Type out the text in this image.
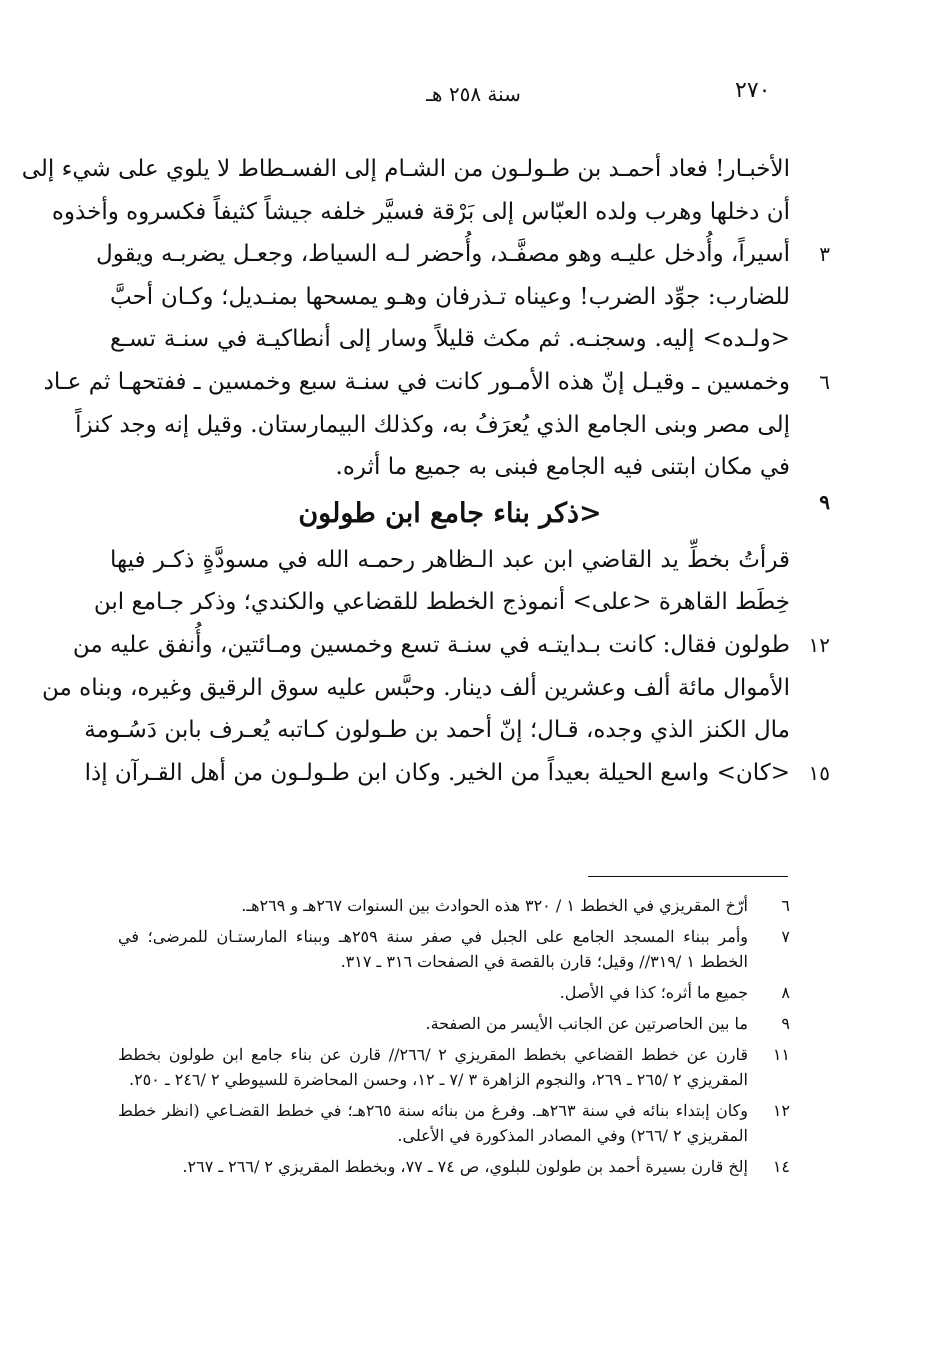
٢٧٠
سنة ٢٥٨ هـ
الأخبـار! فعاد أحمـد بن طـولـون من الشـام إلى الفسـطاط لا يلوي على شيء إلى
أن دخلها وهرب ولده العبّاس إلى بَرْقة فسيَّر خلفه جيشاً كثيفاً فكسروه وأخذوه
٣
أسيراً، وأُدخل عليـه وهو مصفَّـد، وأُحضر لـه السياط، وجعـل يضربـه ويقول
للضارب: جوِّد الضرب! وعيناه تـذرفان وهـو يمسحها بمنـديل؛ وكـان أحبَّ
<ولـده> إليه. وسجنـه. ثم مكث قليلاً وسار إلى أنطاكيـة في سنـة تسـع
٦
وخمسين ـ وقيـل إنّ هذه الأمـور كانت في سنـة سبع وخمسين ـ ففتحهـا ثم عـاد
إلى مصر وبنى الجامع الذي يُعرَفُ به، وكذلك البيمارستان. وقيل إنه وجد كنزاً
في مكان ابتنى فيه الجامع فبنى به جميع ما أثره.
٩
<ذكر بناء جامع ابن طولون
قرأتُ بخطِّ يد القاضي ابن عبد الـظاهر رحمـه الله في مسودَّةٍ ذكـر فيها
خِطَط القاهرة <على> أنموذج الخطط للقضاعي والكندي؛ وذكر جـامع ابن
١٢
طولون فقال: كانت بـدايتـه في سنـة تسع وخمسين ومـائتين، وأُنفق عليه من
الأموال مائة ألف وعشرين ألف دينار. وحبَّس عليه سوق الرقيق وغيره، وبناه من
مال الكنز الذي وجده، قـال؛ إنّ أحمد بن طـولون كـاتبه يُعـرف بابن دَسُـومة
١٥
<كان> واسع الحيلة بعيداً من الخير. وكان ابن طـولـون من أهل القـرآن إذا
٦
أرّخ المقريزي في الخطط ١ / ٣٢٠ هذه الحوادث بين السنوات ٢٦٧هـ و ٢٦٩هـ.
٧
وأمر ببناء المسجد الجامع على الجبل في صفر سنة ٢٥٩هـ وببناء المارستـان للمرضى؛ في الخطط ١ /٣١٩// وقيل؛ قارن بالقصة في الصفحات ٣١٦ ـ ٣١٧.
٨
جميع ما أثره؛ كذا في الأصل.
٩
ما بين الحاصرتين عن الجانب الأيسر من الصفحة.
١١
قارن عن خطط القضاعي بخطط المقريزي ٢ /٢٦٦// قارن عن بناء جامع ابن طولون بخطط المقريزي ٢ /٢٦٥ ـ ٢٦٩، والنجوم الزاهرة ٣ /٧ ـ ١٢، وحسن المحاضرة للسيوطي ٢ /٢٤٦ ـ ٢٥٠.
١٢
وكان إبتداء بنائه في سنة ٢٦٣هـ. وفرغ من بنائه سنة ٢٦٥هـ؛ في خطط القضـاعي (انظر خطط المقريزي ٢ /٢٦٦) وفي المصادر المذكورة في الأعلى.
١٤
إلخ قارن بسيرة أحمد بن طولون للبلوي، ص ٧٤ ـ ٧٧، وبخطط المقريزي ٢ /٢٦٦ ـ ٢٦٧.
